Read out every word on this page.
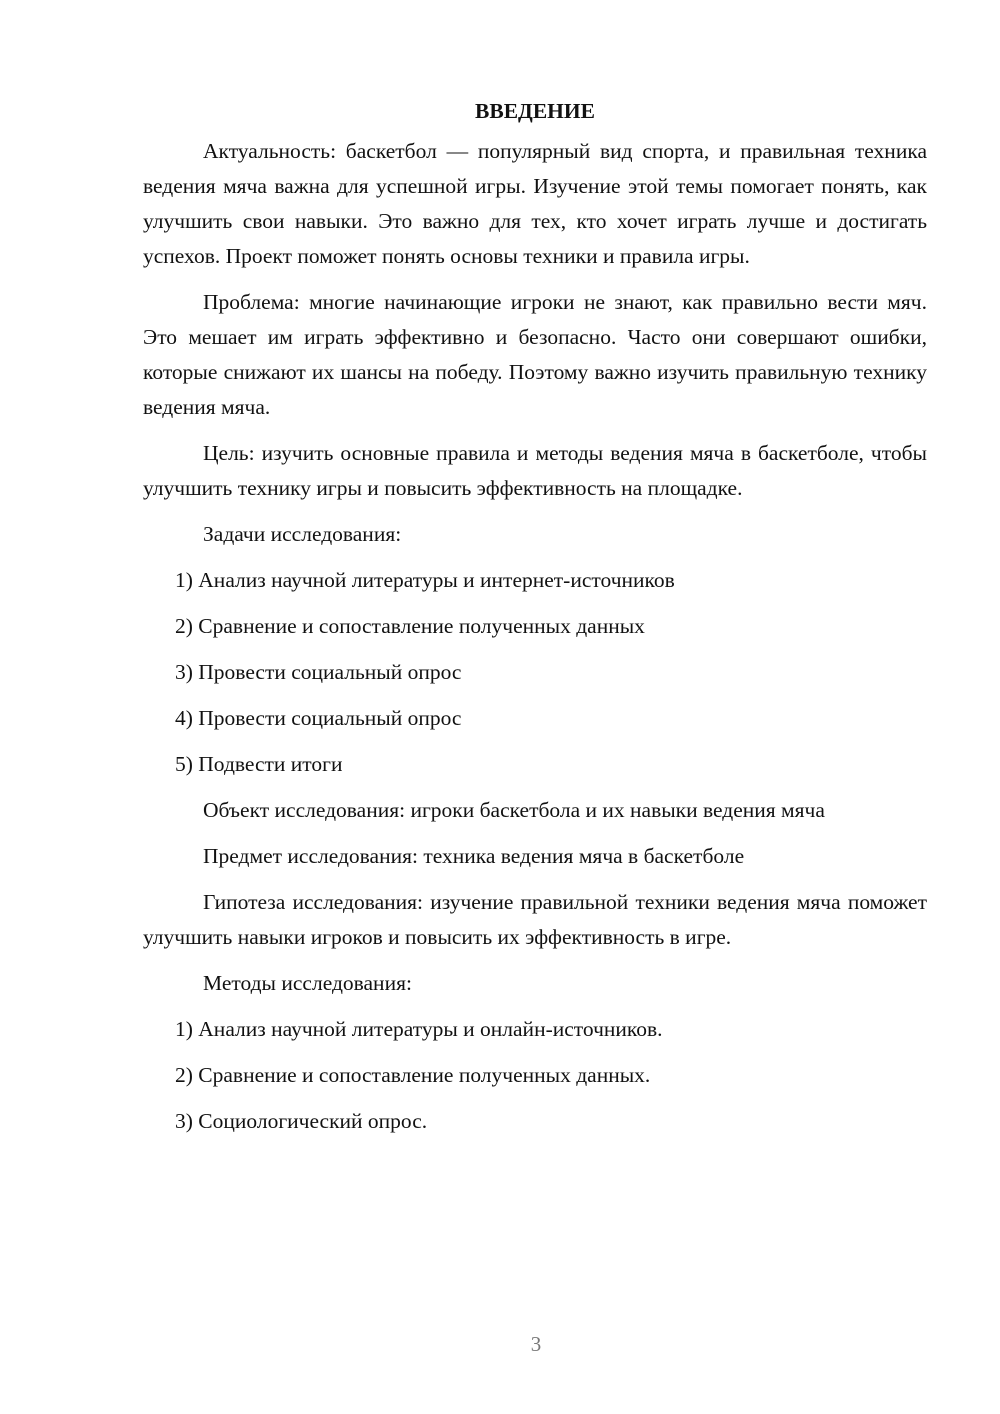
ВВЕДЕНИЕ
Актуальность: баскетбол — популярный вид спорта, и правильная техника ведения мяча важна для успешной игры. Изучение этой темы помогает понять, как улучшить свои навыки. Это важно для тех, кто хочет играть лучше и достигать успехов. Проект поможет понять основы техники и правила игры.
Проблема: многие начинающие игроки не знают, как правильно вести мяч. Это мешает им играть эффективно и безопасно. Часто они совершают ошибки, которые снижают их шансы на победу. Поэтому важно изучить правильную технику ведения мяча.
Цель: изучить основные правила и методы ведения мяча в баскетболе, чтобы улучшить технику игры и повысить эффективность на площадке.
Задачи исследования:
1) Анализ научной литературы и интернет-источников
2) Сравнение и сопоставление полученных данных
3) Провести социальный опрос
4) Провести социальный опрос
5) Подвести итоги
Объект исследования: игроки баскетбола и их навыки ведения мяча
Предмет исследования: техника ведения мяча в баскетболе
Гипотеза исследования: изучение правильной техники ведения мяча поможет улучшить навыки игроков и повысить их эффективность в игре.
Методы исследования:
1) Анализ научной литературы и онлайн-источников.
2) Сравнение и сопоставление полученных данных.
3) Социологический опрос.
3
